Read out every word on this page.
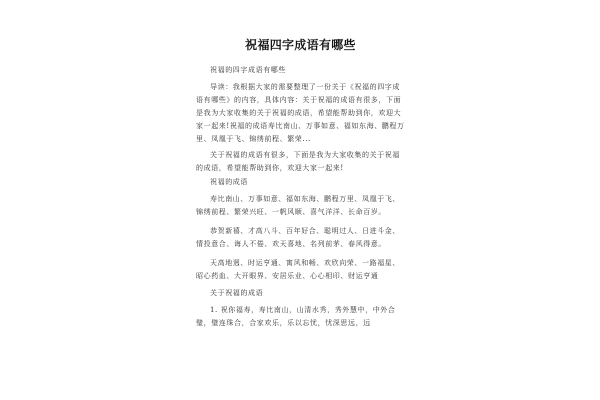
祝福四字成语有哪些

祝福的四字成语有哪些

导读：我根据大家的需要整理了一份关于《祝福的四字成语有哪些》的内容，具体内容：关于祝福的成语有很多，下面是我为大家收集的关于祝福的成语，希望能帮助到你，欢迎大家一起来!祝福的成语寿比南山、万事如意、福如东海、鹏程万里、凤凰于飞、锦绣前程、繁荣...

关于祝福的成语有很多，下面是我为大家收集的关于祝福的成语，希望能帮助到你，欢迎大家一起来!

祝福的成语

寿比南山、万事如意、福如东海、鹏程万里、凤凰于飞、锦绣前程、繁荣兴旺、一帆风顺、喜气洋洋、长命百岁。

恭贺新禧、才高八斗、百年好合、聪明过人、日进斗金、情投意合、诲人不倦、欢天喜地、名列前茅、春风得意。

天高地迥、时运亨通、寓风和畅、欢欣向荣、一路福星、昭心药血、大开眼界、安居乐业、心心相印、财运亨通

关于祝福的成语

1. 祝你福寿，寿比南山，山清水秀，秀外慧中，中外合璧，璧连珠合，合家欢乐，乐以忘忧，忧深思远，远
